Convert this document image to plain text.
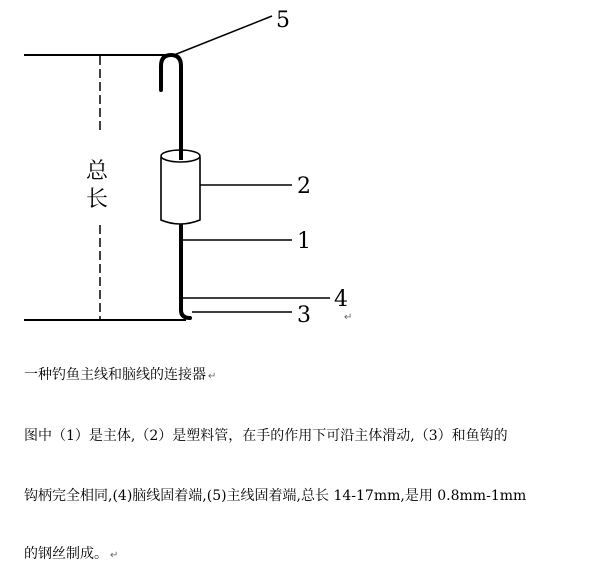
总
长
5
2
1
4
3	↵
一种钓鱼主线和脑线的连接器 ↵
图中（1）是主体,（2）是塑料管，在手的作用下可沿主体滑动,（3）和鱼钩的
钩柄完全相同,(4)脑线固着端,(5)主线固着端,总长 14-17mm,是用 0.8mm-1mm
的钢丝制成。 ↵
